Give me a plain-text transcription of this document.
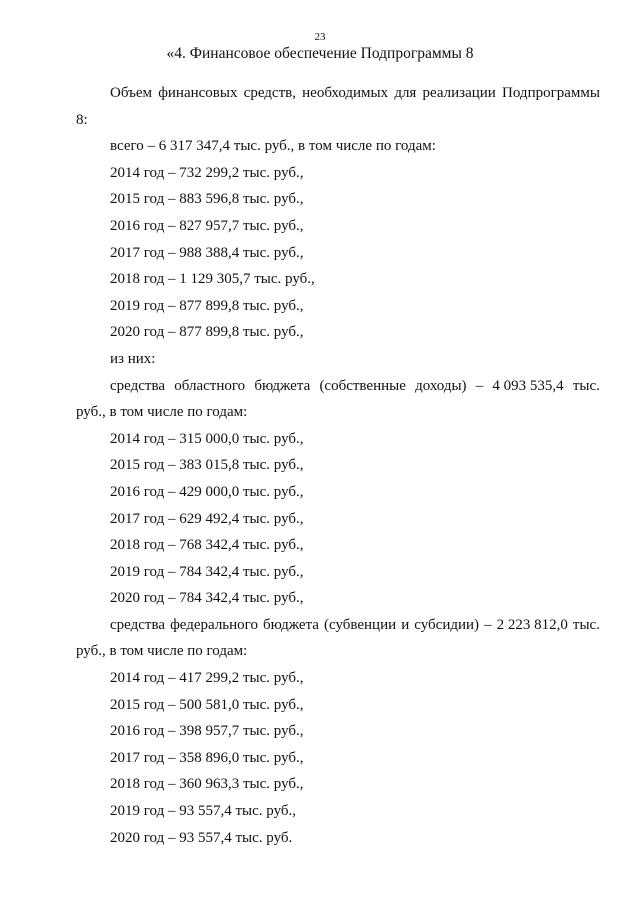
23
«4. Финансовое обеспечение Подпрограммы 8
Объем финансовых средств, необходимых для реализации Подпрограммы
8:
всего – 6 317 347,4 тыс. руб., в том числе по годам:
2014 год – 732 299,2 тыс. руб.,
2015 год – 883 596,8 тыс. руб.,
2016 год – 827 957,7 тыс. руб.,
2017 год – 988 388,4 тыс. руб.,
2018 год – 1 129 305,7 тыс. руб.,
2019 год – 877 899,8 тыс. руб.,
2020 год – 877 899,8 тыс. руб.,
из них:
средства областного бюджета (собственные доходы) – 4 093 535,4 тыс.
руб., в том числе по годам:
2014 год – 315 000,0 тыс. руб.,
2015 год – 383 015,8 тыс. руб.,
2016 год – 429 000,0 тыс. руб.,
2017 год – 629 492,4 тыс. руб.,
2018 год – 768 342,4 тыс. руб.,
2019 год – 784 342,4 тыс. руб.,
2020 год – 784 342,4 тыс. руб.,
средства федерального бюджета (субвенции и субсидии) – 2 223 812,0 тыс.
руб., в том числе по годам:
2014 год – 417 299,2 тыс. руб.,
2015 год – 500 581,0 тыс. руб.,
2016 год – 398 957,7 тыс. руб.,
2017 год – 358 896,0 тыс. руб.,
2018 год – 360 963,3 тыс. руб.,
2019 год – 93 557,4 тыс. руб.,
2020 год – 93 557,4 тыс. руб.
